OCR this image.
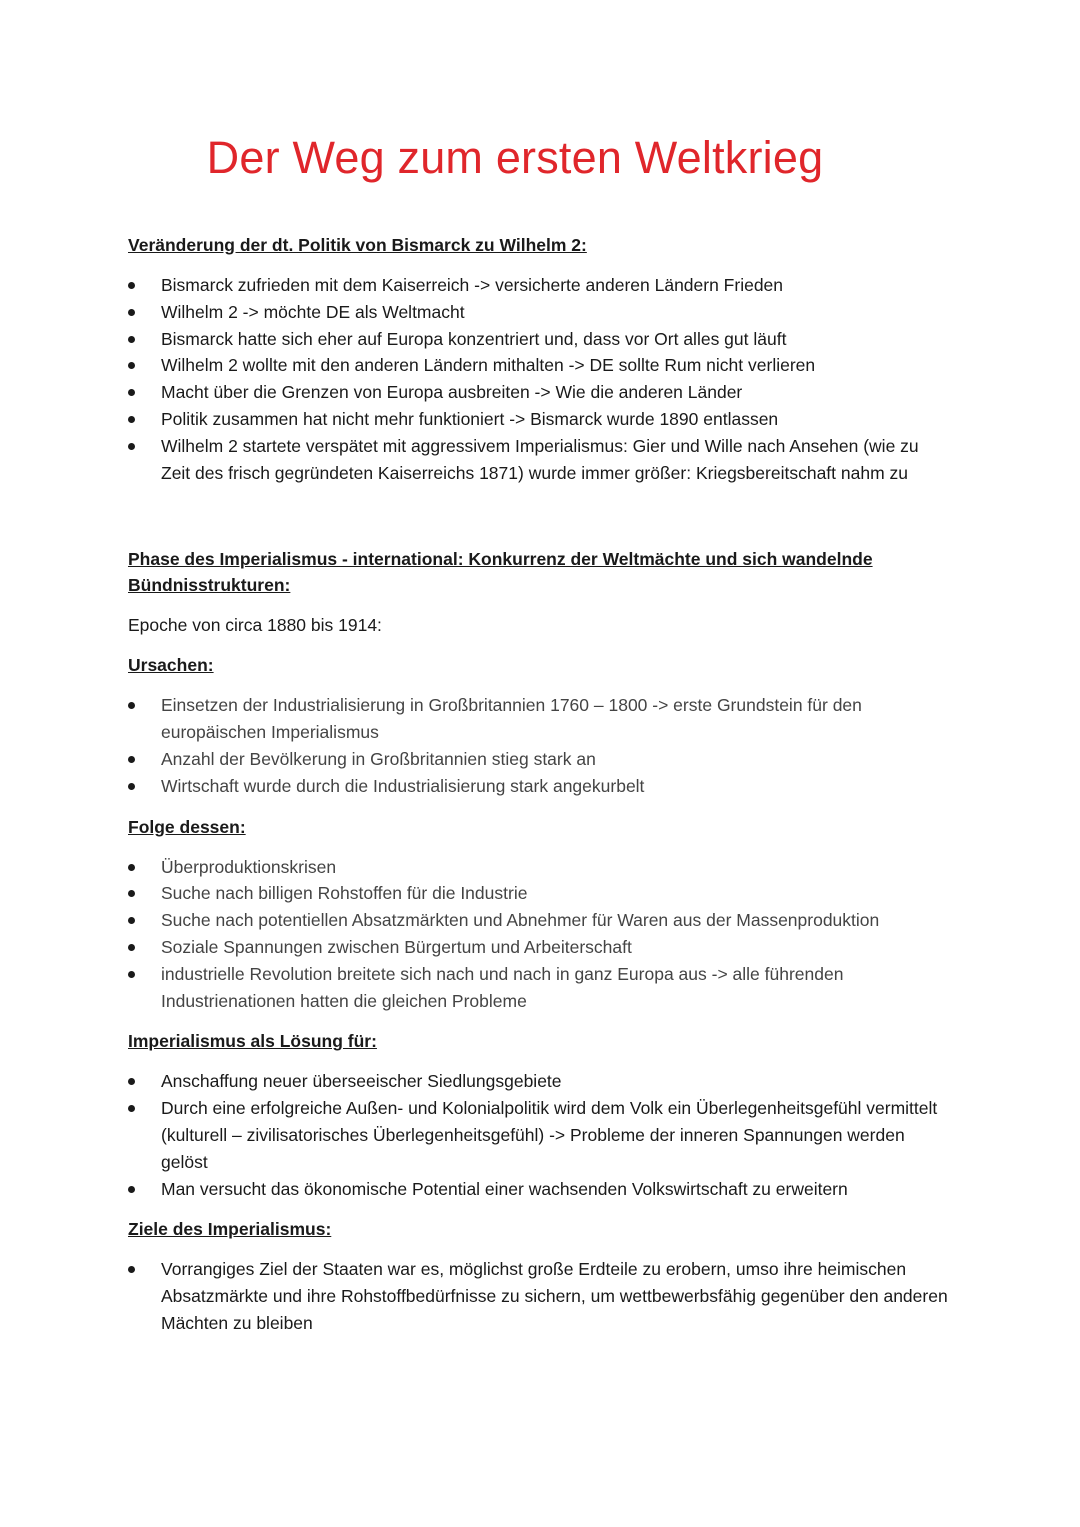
Der Weg zum ersten Weltkrieg
Veränderung der dt. Politik von Bismarck zu Wilhelm 2:
Bismarck zufrieden mit dem Kaiserreich -> versicherte anderen Ländern Frieden
Wilhelm 2 -> möchte DE als Weltmacht
Bismarck hatte sich eher auf Europa konzentriert und, dass vor Ort alles gut läuft
Wilhelm 2 wollte mit den anderen Ländern mithalten -> DE sollte Rum nicht verlieren
Macht über die Grenzen von Europa ausbreiten -> Wie die anderen Länder
Politik zusammen hat nicht mehr funktioniert -> Bismarck wurde 1890 entlassen
Wilhelm 2 startete verspätet mit aggressivem Imperialismus: Gier und Wille nach Ansehen (wie zu Zeit des frisch gegründeten Kaiserreichs 1871) wurde immer größer: Kriegsbereitschaft nahm zu
Phase des Imperialismus - international: Konkurrenz der Weltmächte und sich wandelnde Bündnisstrukturen:
Epoche von circa 1880 bis 1914:
Ursachen:
Einsetzen der Industrialisierung in Großbritannien 1760 – 1800 -> erste Grundstein für den europäischen Imperialismus
Anzahl der Bevölkerung in Großbritannien stieg stark an
Wirtschaft wurde durch die Industrialisierung stark angekurbelt
Folge dessen:
Überproduktionskrisen
Suche nach billigen Rohstoffen für die Industrie
Suche nach potentiellen Absatzmärkten und Abnehmer für Waren aus der Massenproduktion
Soziale Spannungen zwischen Bürgertum und Arbeiterschaft
industrielle Revolution breitete sich nach und nach in ganz Europa aus -> alle führenden Industrienationen hatten die gleichen Probleme
Imperialismus als Lösung für:
Anschaffung neuer überseeischer Siedlungsgebiete
Durch eine erfolgreiche Außen- und Kolonialpolitik wird dem Volk ein Überlegenheitsgefühl vermittelt (kulturell – zivilisatorisches Überlegenheitsgefühl) -> Probleme der inneren Spannungen werden gelöst
Man versucht das ökonomische Potential einer wachsenden Volkswirtschaft zu erweitern
Ziele des Imperialismus:
Vorrangiges Ziel der Staaten war es, möglichst große Erdteile zu erobern, umso ihre heimischen Absatzmärkte und ihre Rohstoffbedürfnisse zu sichern, um wettbewerbsfähig gegenüber den anderen Mächten zu bleiben
